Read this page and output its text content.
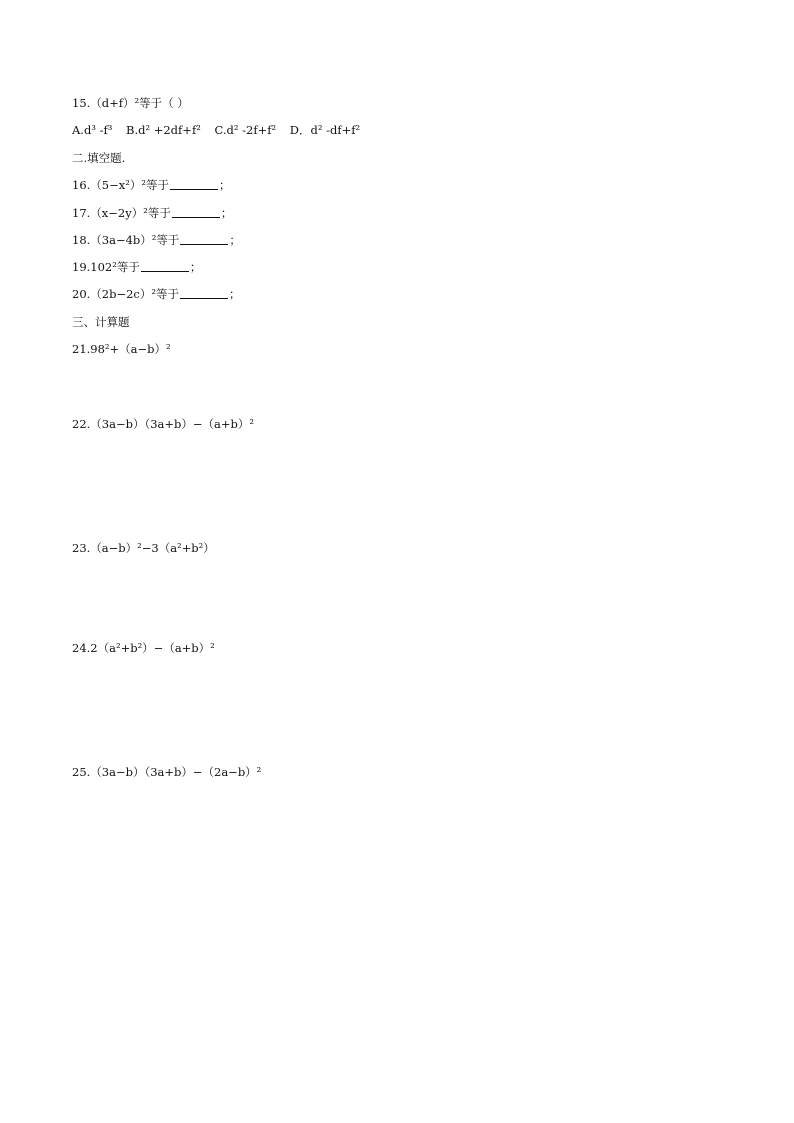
15.（d+f）²等于（ ）
A.d³ -f³ B.d² +2df+f² C.d² -2f+f² D．d² -df+f²
二.填空题.
16.（5−x²）²等于	；
17.（x−2y）²等于	；
18.（3a−4b）²等于	；
19.102²等于	；
20.（2b−2c）²等于	；
三、计算题
21.98²+（a−b）²
22.（3a−b）（3a+b）−（a+b）²
23.（a−b）²−3（a²+b²）
24.2（a²+b²）−（a+b）²
25.（3a−b）（3a+b）−（2a−b）²
